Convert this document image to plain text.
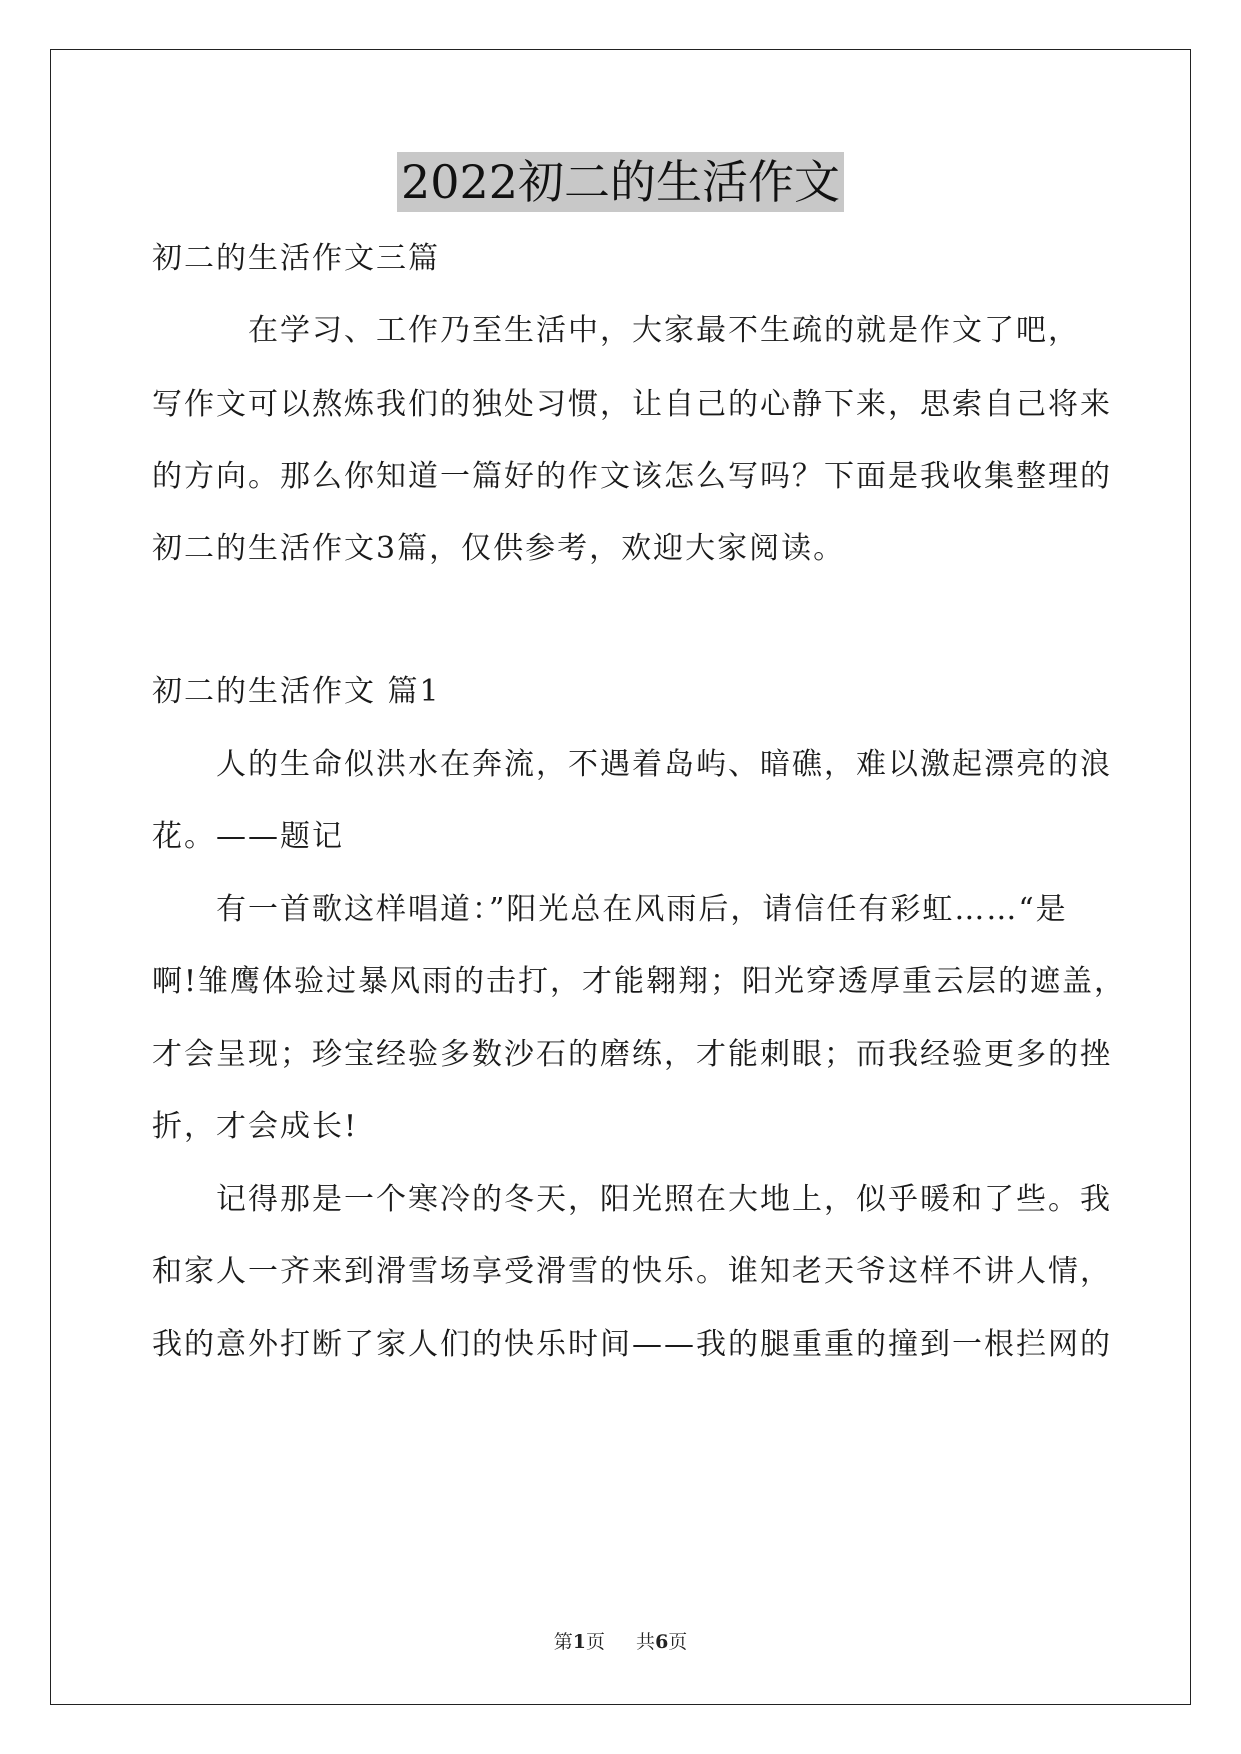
2022初二的生活作文
初二的生活作文三篇
　　　在学习、工作乃至生活中，大家最不生疏的就是作文了吧，
写作文可以熬炼我们的独处习惯，让自己的心静下来，思索自己将来
的方向。那么你知道一篇好的作文该怎么写吗？下面是我收集整理的
初二的生活作文3篇，仅供参考，欢迎大家阅读。
初二的生活作文 篇1
　　人的生命似洪水在奔流，不遇着岛屿、暗礁，难以激起漂亮的浪
花。——题记
　　有一首歌这样唱道：”阳光总在风雨后，请信任有彩虹……“是
啊!雏鹰体验过暴风雨的击打，才能翱翔；阳光穿透厚重云层的遮盖，
才会呈现；珍宝经验多数沙石的磨练，才能刺眼；而我经验更多的挫
折，才会成长!
　　记得那是一个寒冷的冬天，阳光照在大地上，似乎暖和了些。我
和家人一齐来到滑雪场享受滑雪的快乐。谁知老天爷这样不讲人情，
我的意外打断了家人们的快乐时间——我的腿重重的撞到一根拦网的
第1页   共6页
